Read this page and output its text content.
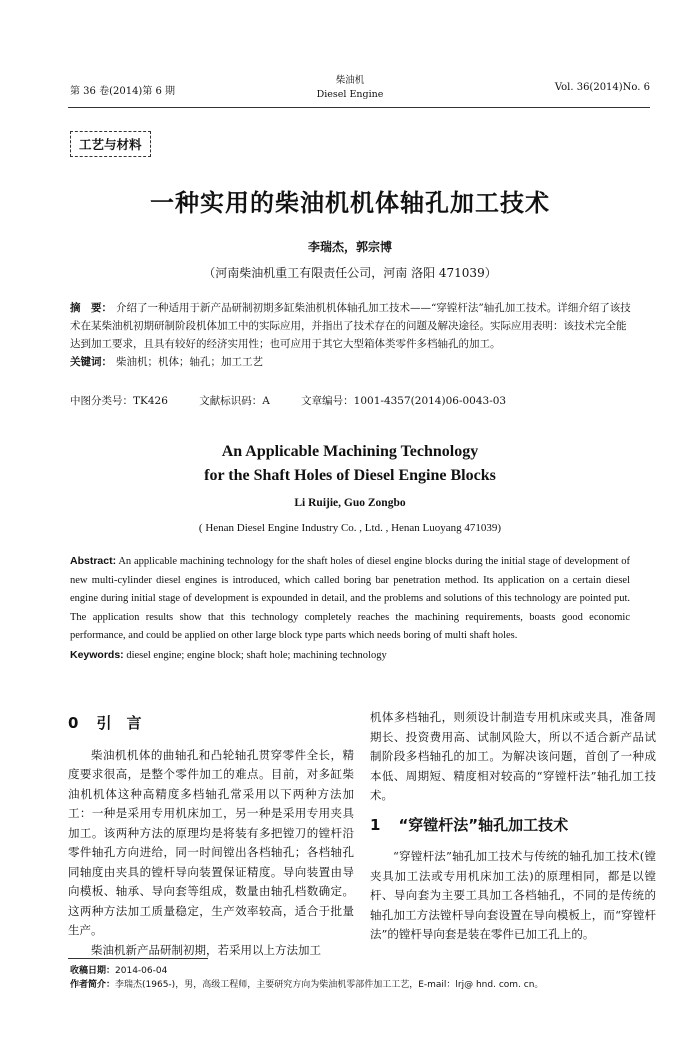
第 36 卷(2014)第 6 期
柴油机
Diesel Engine
Vol. 36(2014)No. 6
工艺与材料
一种实用的柴油机机体轴孔加工技术
李瑞杰，郭宗博
（河南柴油机重工有限责任公司，河南 洛阳 471039）
摘　要： 介绍了一种适用于新产品研制初期多缸柴油机机体轴孔加工技术——“穿镗杆法”轴孔加工技术。详细介绍了该技术在某柴油机初期研制阶段机体加工中的实际应用，并指出了技术存在的问题及解决途径。实际应用表明：该技术完全能达到加工要求，且具有较好的经济实用性；也可应用于其它大型箱体类零件多档轴孔的加工。
关键词： 柴油机；机体；轴孔；加工工艺
中图分类号：TK426	文献标识码：A	文章编号：1001-4357(2014)06-0043-03
An Applicable Machining Technology
for the Shaft Holes of Diesel Engine Blocks
Li Ruijie, Guo Zongbo
( Henan Diesel Engine Industry Co. , Ltd. , Henan Luoyang 471039)
Abstract: An applicable machining technology for the shaft holes of diesel engine blocks during the initial stage of development of new multi-cylinder diesel engines is introduced, which called boring bar penetration method. Its application on a certain diesel engine during initial stage of development is expounded in detail, and the problems and solutions of this technology are pointed put. The application results show that this technology completely reaches the machining requirements, boasts good economic performance, and could be applied on other large block type parts which needs boring of multi shaft holes.
Keywords: diesel engine; engine block; shaft hole; machining technology
0 引　言

柴油机机体的曲轴孔和凸轮轴孔贯穿零件全长，精度要求很高，是整个零件加工的难点。目前，对多缸柴油机机体这种高精度多档轴孔常采用以下两种方法加工：一种是采用专用机床加工，另一种是采用专用夹具加工。该两种方法的原理均是将装有多把镗刀的镗杆沿零件轴孔方向进给，同一时间镗出各档轴孔；各档轴孔同轴度由夹具的镗杆导向装置保证精度。导向装置由导向模板、轴承、导向套等组成，数量由轴孔档数确定。这两种方法加工质量稳定，生产效率较高，适合于批量生产。

柴油机新产品研制初期，若采用以上方法加工

机体多档轴孔，则须设计制造专用机床或夹具，准备周期长、投资费用高、试制风险大，所以不适合新产品试制阶段多档轴孔的加工。为解决该问题，首创了一种成本低、周期短、精度相对较高的“穿镗杆法”轴孔加工技术。
1 “穿镗杆法”轴孔加工技术

“穿镗杆法”轴孔加工技术与传统的轴孔加工技术(镗夹具加工法或专用机床加工法)的原理相同，都是以镗杆、导向套为主要工具加工各档轴孔，不同的是传统的轴孔加工方法镗杆导向套设置在导向模板上，而“穿镗杆法”的镗杆导向套是装在零件已加工孔上的。

收稿日期：2014-06-04
作者简介：李瑞杰(1965-)，男，高级工程师，主要研究方向为柴油机零部件加工工艺，E-mail：lrj@ hnd. com. cn。
